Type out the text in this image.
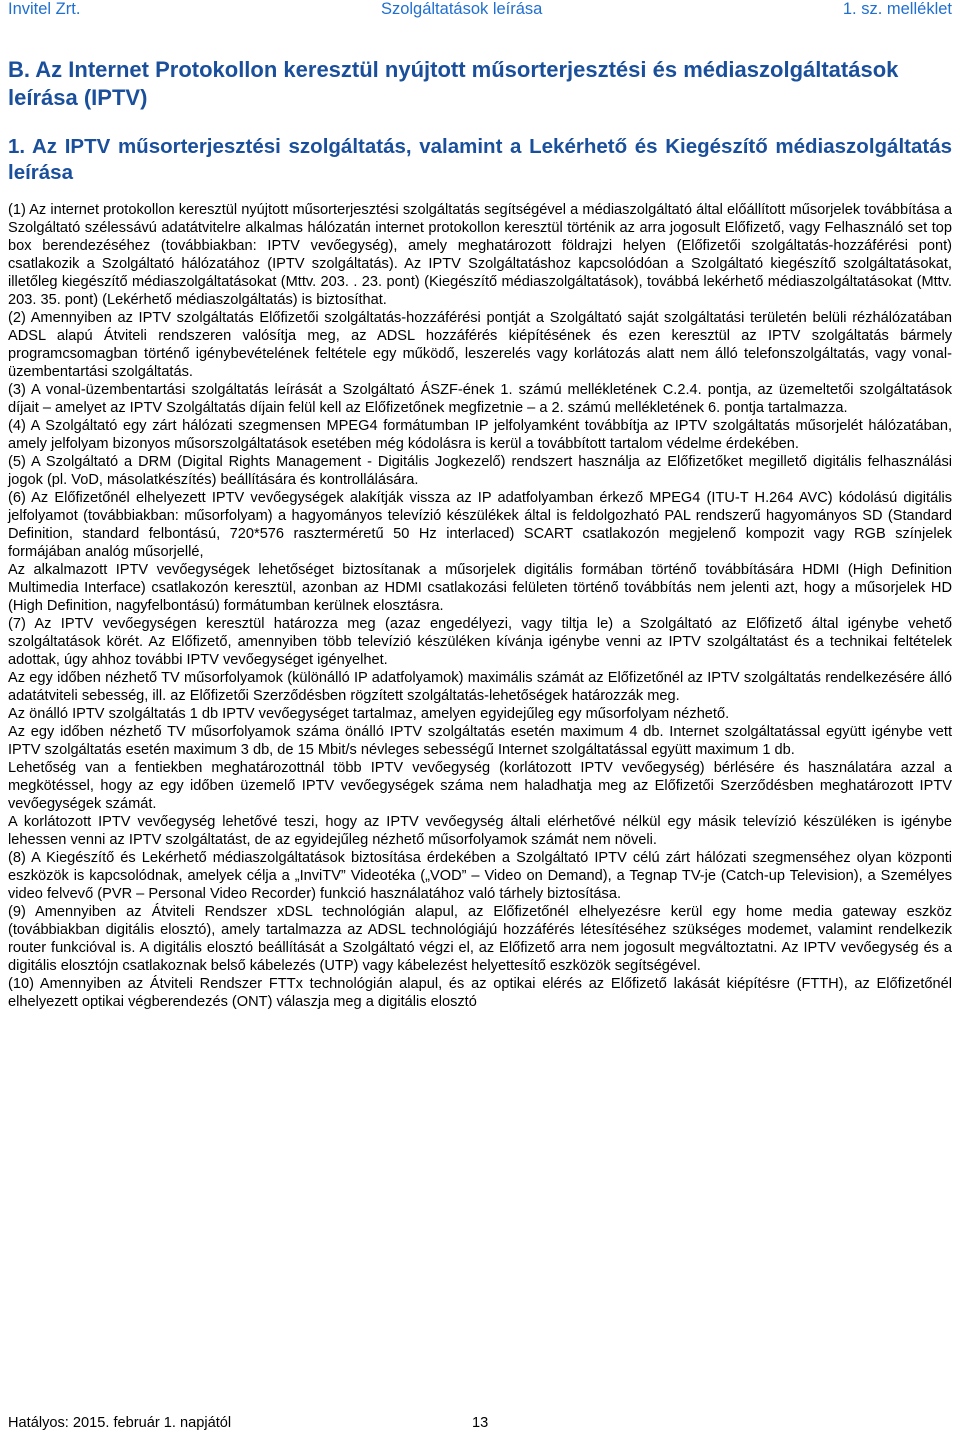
Invitel Zrt.	Szolgáltatások leírása	1. sz. melléklet
B. Az Internet Protokollon keresztül nyújtott műsorterjesztési és médiaszolgáltatások leírása (IPTV)
1. Az IPTV műsorterjesztési szolgáltatás, valamint a Lekérhető és Kiegészítő médiaszolgáltatás leírása

(1) Az internet protokollon keresztül nyújtott műsorterjesztési szolgáltatás segítségével a médiaszolgáltató által előállított műsorjelek továbbítása a Szolgáltató szélessávú adatátvitelre alkalmas hálózatán internet protokollon keresztül történik az arra jogosult Előfizető, vagy Felhasználó set top box berendezéséhez (továbbiakban: IPTV vevőegység), amely meghatározott földrajzi helyen (Előfizetői szolgáltatás-hozzáférési pont) csatlakozik a Szolgáltató hálózatához (IPTV szolgáltatás). Az IPTV Szolgáltatáshoz kapcsolódóan a Szolgáltató kiegészítő szolgáltatásokat, illetőleg kiegészítő médiaszolgáltatásokat (Mttv. 203. . 23. pont) (Kiegészítő médiaszolgáltatások), továbbá lekérhető médiaszolgáltatásokat (Mttv. 203. 35. pont) (Lekérhető médiaszolgáltatás) is biztosíthat.

(2) Amennyiben az IPTV szolgáltatás Előfizetői szolgáltatás-hozzáférési pontját a Szolgáltató saját szolgáltatási területén belüli rézhálózatában ADSL alapú Átviteli rendszeren valósítja meg, az ADSL hozzáférés kiépítésének és ezen keresztül az IPTV szolgáltatás bármely programcsomagban történő igénybevételének feltétele egy működő, leszerelés vagy korlátozás alatt nem álló telefonszolgáltatás, vagy vonal-üzembentartási szolgáltatás.

(3) A vonal-üzembentartási szolgáltatás leírását a Szolgáltató ÁSZF-ének 1. számú mellékletének C.2.4. pontja, az üzemeltetői szolgáltatások díjait – amelyet az IPTV Szolgáltatás díjain felül kell az Előfizetőnek megfizetnie – a 2. számú mellékletének 6. pontja tartalmazza.

(4) A Szolgáltató egy zárt hálózati szegmensen MPEG4 formátumban IP jelfolyamként továbbítja az IPTV szolgáltatás műsorjelét hálózatában, amely jelfolyam bizonyos műsorszolgáltatások esetében még kódolásra is kerül a továbbított tartalom védelme érdekében.

(5) A Szolgáltató a DRM (Digital Rights Management - Digitális Jogkezelő) rendszert használja az Előfizetőket megillető digitális felhasználási jogok (pl. VoD, másolatkészítés) beállítására és kontrollálására.

(6) Az Előfizetőnél elhelyezett IPTV vevőegységek alakítják vissza az IP adatfolyamban érkező MPEG4 (ITU-T H.264 AVC) kódolású digitális jelfolyamot (továbbiakban: műsorfolyam) a hagyományos televízió készülékek által is feldolgozható PAL rendszerű hagyományos SD (Standard Definition, standard felbontású, 720*576 raszterméretű 50 Hz interlaced) SCART csatlakozón megjelenő kompozit vagy RGB színjelek formájában analóg műsorjellé,

Az alkalmazott IPTV vevőegységek lehetőséget biztosítanak a műsorjelek digitális formában történő továbbítására HDMI (High Definition Multimedia Interface) csatlakozón keresztül, azonban az HDMI csatlakozási felületen történő továbbítás nem jelenti azt, hogy a műsorjelek HD (High Definition, nagyfelbontású) formátumban kerülnek elosztásra.

(7) Az IPTV vevőegységen keresztül határozza meg (azaz engedélyezi, vagy tiltja le) a Szolgáltató az Előfizető által igénybe vehető szolgáltatások körét. Az Előfizető, amennyiben több televízió készüléken kívánja igénybe venni az IPTV szolgáltatást és a technikai feltételek adottak, úgy ahhoz további IPTV vevőegységet igényelhet.

Az egy időben nézhető TV műsorfolyamok (különálló IP adatfolyamok) maximális számát az Előfizetőnél az IPTV szolgáltatás rendelkezésére álló adatátviteli sebesség, ill. az Előfizetői Szerződésben rögzített szolgáltatás-lehetőségek határozzák meg.

Az önálló IPTV szolgáltatás 1 db IPTV vevőegységet tartalmaz, amelyen egyidejűleg egy műsorfolyam nézhető.

Az egy időben nézhető TV műsorfolyamok száma önálló IPTV szolgáltatás esetén maximum 4 db. Internet szolgáltatással együtt igénybe vett IPTV szolgáltatás esetén maximum 3 db, de 15 Mbit/s névleges sebességű Internet szolgáltatással együtt maximum 1 db.

Lehetőség van a fentiekben meghatározottnál több IPTV vevőegység (korlátozott IPTV vevőegység) bérlésére és használatára azzal a megkötéssel, hogy az egy időben üzemelő IPTV vevőegységek száma nem haladhatja meg az Előfizetői Szerződésben meghatározott IPTV vevőegységek számát.

A korlátozott IPTV vevőegység lehetővé teszi, hogy az IPTV vevőegység általi elérhetővé nélkül egy másik televízió készüléken is igénybe lehessen venni az IPTV szolgáltatást, de az egyidejűleg nézhető műsorfolyamok számát nem növeli.

(8) A Kiegészítő és Lekérhető médiaszolgáltatások biztosítása érdekében a Szolgáltató IPTV célú zárt hálózati szegmenséhez olyan központi eszközök is kapcsolódnak, amelyek célja a „InviTV” Videotéka („VOD” – Video on Demand), a Tegnap TV-je (Catch-up Television), a Személyes video felvevő (PVR – Personal Video Recorder) funkció használatához való tárhely biztosítása.

(9) Amennyiben az Átviteli Rendszer xDSL technológián alapul, az Előfizetőnél elhelyezésre kerül egy home media gateway eszköz (továbbiakban digitális elosztó), amely tartalmazza az ADSL technológiájú hozzáférés létesítéséhez szükséges modemet, valamint rendelkezik router funkcióval is. A digitális elosztó beállítását a Szolgáltató végzi el, az Előfizető arra nem jogosult megváltoztatni. Az IPTV vevőegység és a digitális elosztójn csatlakoznak belső kábelezés (UTP) vagy kábelezést helyettesítő eszközök segítségével.

(10) Amennyiben az Átviteli Rendszer FTTx technológián alapul, és az optikai elérés az Előfizető lakását kiépítésre (FTTH), az Előfizetőnél elhelyezett optikai végberendezés (ONT) válaszja meg a digitális elosztó

Hatályos: 2015. február 1. napjától	13
